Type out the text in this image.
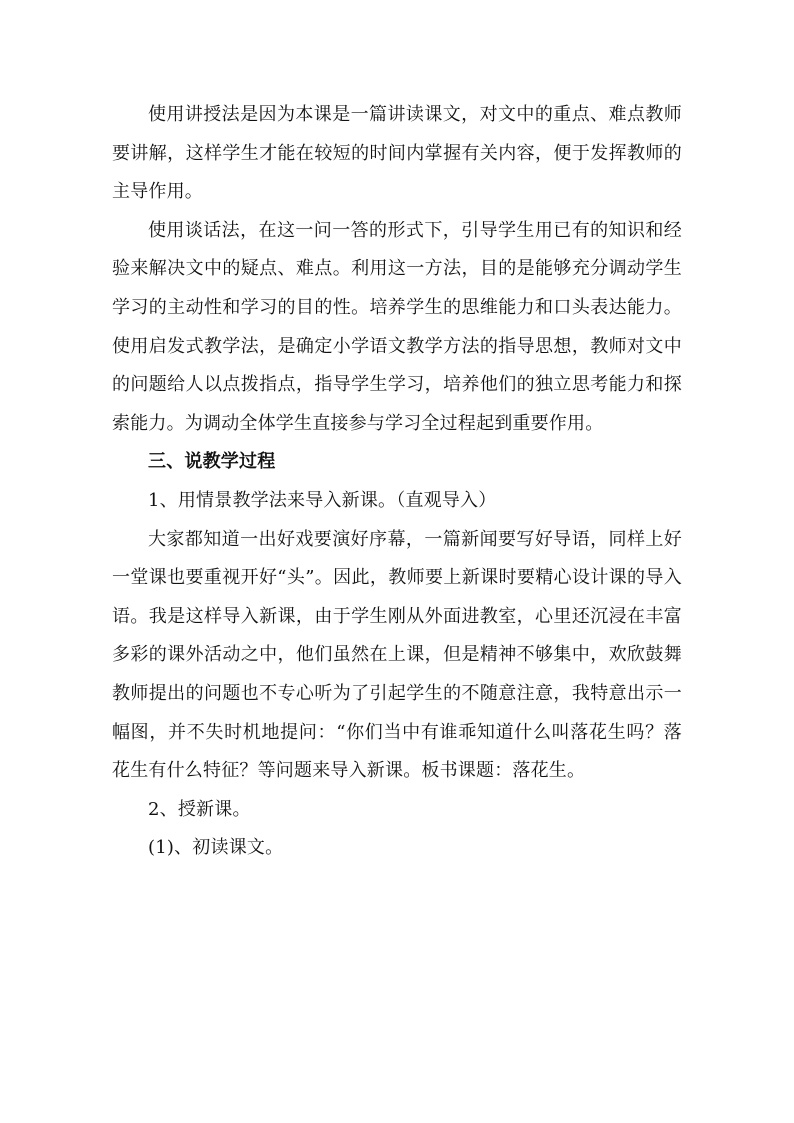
使用讲授法是因为本课是一篇讲读课文，对文中的重点、难点教师要讲解，这样学生才能在较短的时间内掌握有关内容，便于发挥教师的主导作用。

使用谈话法，在这一问一答的形式下，引导学生用已有的知识和经验来解决文中的疑点、难点。利用这一方法，目的是能够充分调动学生学习的主动性和学习的目的性。培养学生的思维能力和口头表达能力。使用启发式教学法，是确定小学语文教学方法的指导思想，教师对文中的问题给人以点拨指点，指导学生学习，培养他们的独立思考能力和探索能力。为调动全体学生直接参与学习全过程起到重要作用。

三、说教学过程

1、用情景教学法来导入新课。（直观导入）

大家都知道一出好戏要演好序幕，一篇新闻要写好导语，同样上好一堂课也要重视开好“头”。因此，教师要上新课时要精心设计课的导入语。我是这样导入新课，由于学生刚从外面进教室，心里还沉浸在丰富多彩的课外活动之中，他们虽然在上课，但是精神不够集中，欢欣鼓舞教师提出的问题也不专心听为了引起学生的不随意注意，我特意出示一幅图，并不失时机地提问：“你们当中有谁乖知道什么叫落花生吗？落花生有什么特征？等问题来导入新课。板书课题：落花生。

2、授新课。

(1)、初读课文。
